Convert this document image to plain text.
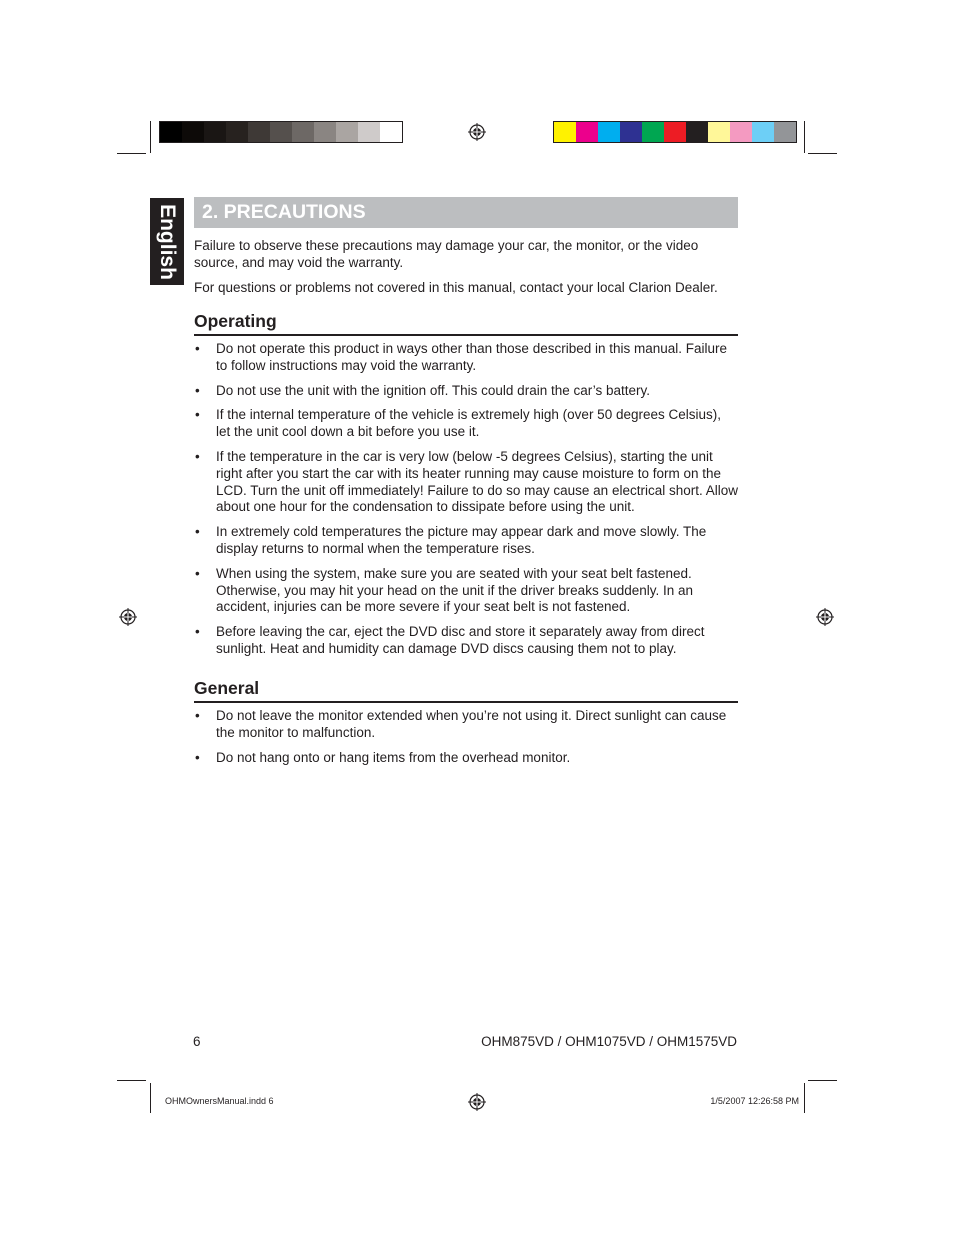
English 2. PRECAUTIONS
Failure to observe these precautions may damage your car, the monitor, or the video source, and may void the warranty.
For questions or problems not covered in this manual, contact your local Clarion Dealer.
Operating
• Do not operate this product in ways other than those described in this manual. Failure to follow instructions may void the warranty.
• Do not use the unit with the ignition off. This could drain the car’s battery.
• If the internal temperature of the vehicle is extremely high (over 50 degrees Celsius), let the unit cool down a bit before you use it.
• If the temperature in the car is very low (below -5 degrees Celsius), starting the unit right after you start the car with its heater running may cause moisture to form on the LCD. Turn the unit off immediately! Failure to do so may cause an electrical short. Allow about one hour for the condensation to dissipate before using the unit.
• In extremely cold temperatures the picture may appear dark and move slowly. The display returns to normal when the temperature rises.
• When using the system, make sure you are seated with your seat belt fastened. Otherwise, you may hit your head on the unit if the driver breaks suddenly. In an accident, injuries can be more severe if your seat belt is not fastened.
• Before leaving the car, eject the DVD disc and store it separately away from direct sunlight. Heat and humidity can damage DVD discs causing them not to play.
General
• Do not leave the monitor extended when you’re not using it. Direct sunlight can cause the monitor to malfunction.
• Do not hang onto or hang items from the overhead monitor.
6	OHM875VD / OHM1075VD / OHM1575VD
OHMOwnersManual.indd 6	1/5/2007 12:26:58 PM
